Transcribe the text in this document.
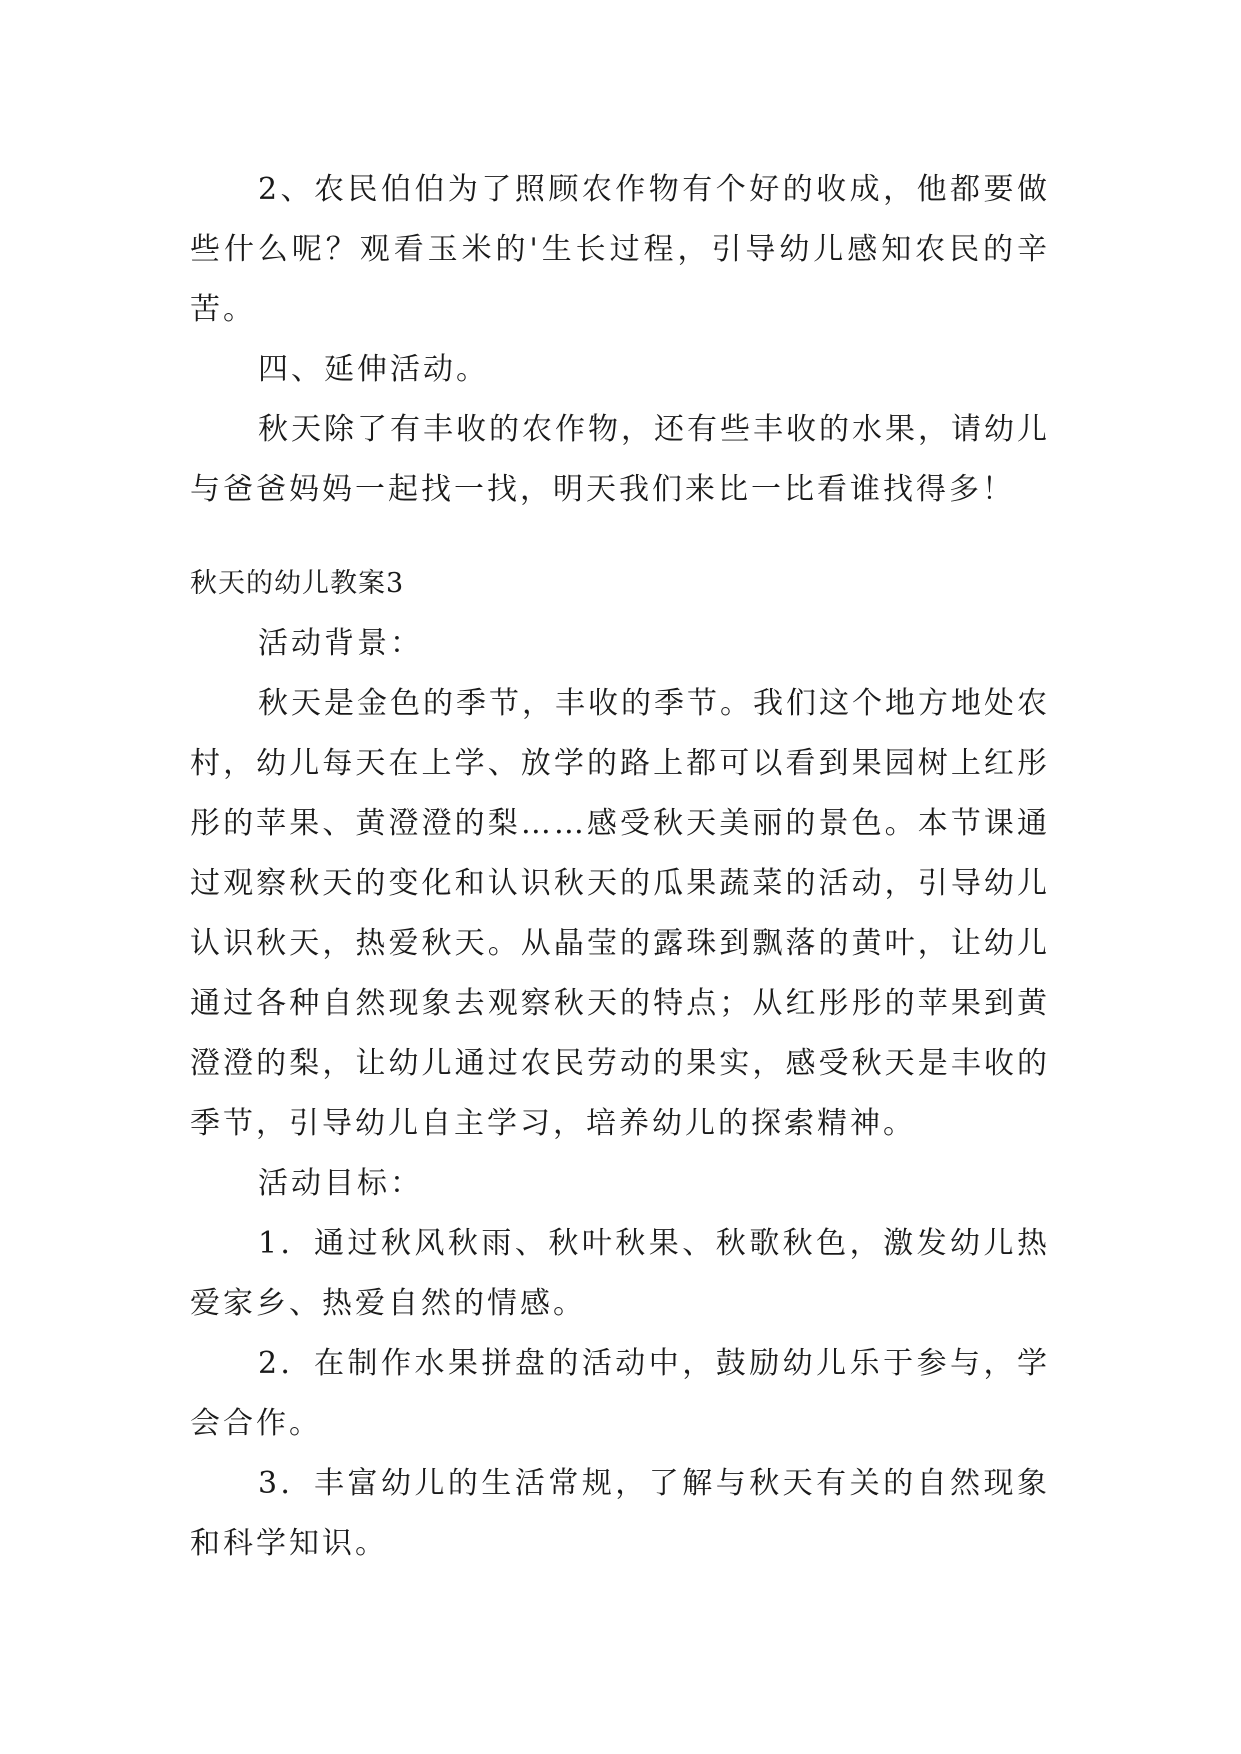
2、农民伯伯为了照顾农作物有个好的收成，他都要做些什么呢？观看玉米的'生长过程，引导幼儿感知农民的辛苦。

四、延伸活动。

秋天除了有丰收的农作物，还有些丰收的水果，请幼儿与爸爸妈妈一起找一找，明天我们来比一比看谁找得多！

秋天的幼儿教案3

活动背景：

秋天是金色的季节，丰收的季节。我们这个地方地处农村，幼儿每天在上学、放学的路上都可以看到果园树上红彤彤的苹果、黄澄澄的梨……感受秋天美丽的景色。本节课通过观察秋天的变化和认识秋天的瓜果蔬菜的活动，引导幼儿认识秋天，热爱秋天。从晶莹的露珠到飘落的黄叶，让幼儿通过各种自然现象去观察秋天的特点；从红彤彤的苹果到黄澄澄的梨，让幼儿通过农民劳动的果实，感受秋天是丰收的季节，引导幼儿自主学习，培养幼儿的探索精神。

活动目标：

1．通过秋风秋雨、秋叶秋果、秋歌秋色，激发幼儿热爱家乡、热爱自然的情感。

2．在制作水果拼盘的活动中，鼓励幼儿乐于参与，学会合作。

3．丰富幼儿的生活常规，了解与秋天有关的自然现象和科学知识。
